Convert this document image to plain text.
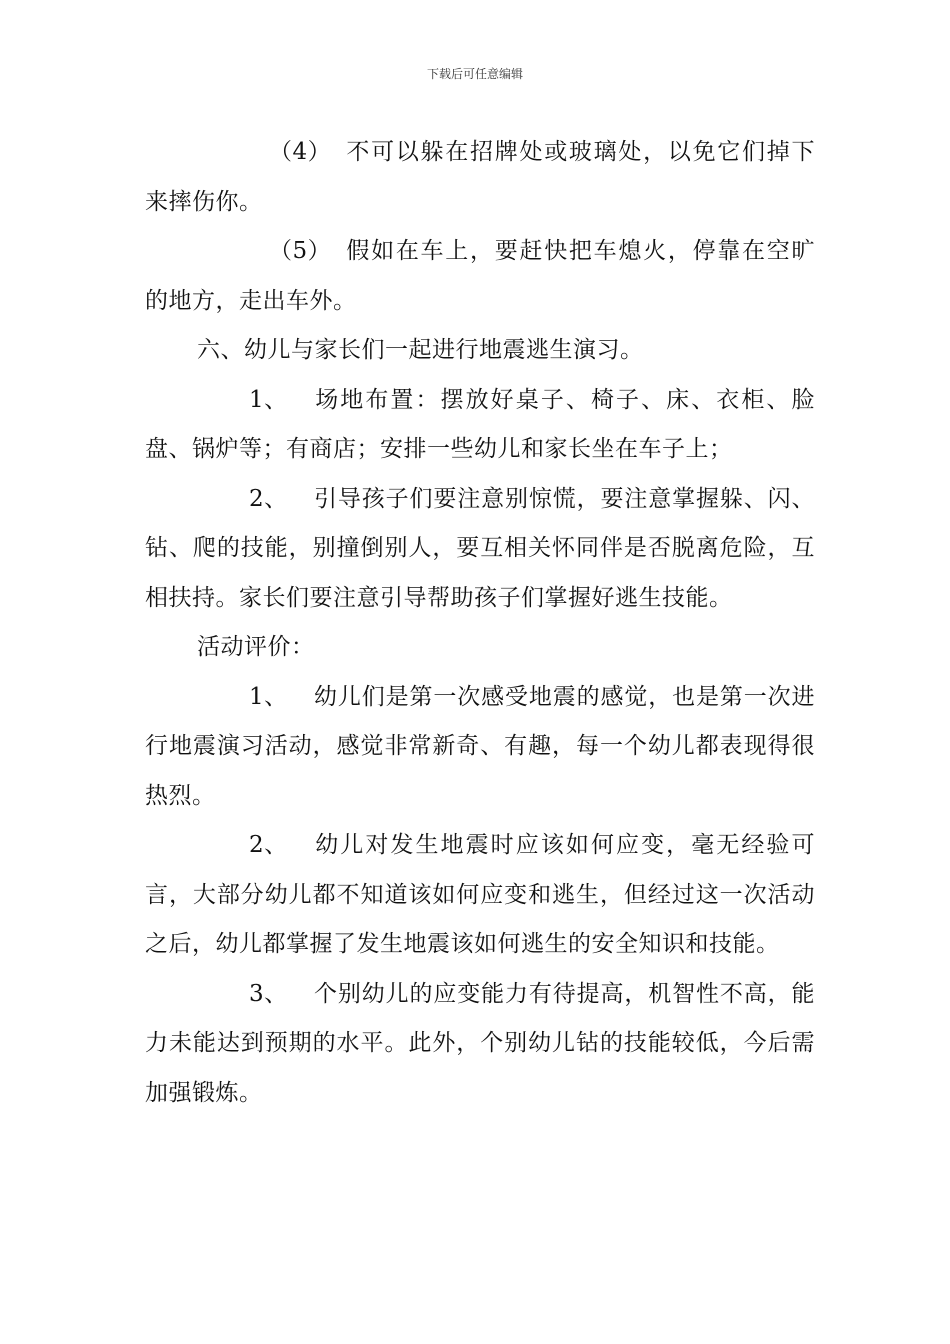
下载后可任意编辑

（4） 不可以躲在招牌处或玻璃处，以免它们掉下来摔伤你。

（5） 假如在车上，要赶快把车熄火，停靠在空旷的地方，走出车外。

六、幼儿与家长们一起进行地震逃生演习。

1、 场地布置：摆放好桌子、椅子、床、衣柜、脸盘、锅炉等；有商店；安排一些幼儿和家长坐在车子上；

2、 引导孩子们要注意别惊慌，要注意掌握躲、闪、钻、爬的技能，别撞倒别人，要互相关怀同伴是否脱离危险，互相扶持。家长们要注意引导帮助孩子们掌握好逃生技能。

活动评价：

1、 幼儿们是第一次感受地震的感觉，也是第一次进行地震演习活动，感觉非常新奇、有趣，每一个幼儿都表现得很热烈。

2、 幼儿对发生地震时应该如何应变，毫无经验可言，大部分幼儿都不知道该如何应变和逃生，但经过这一次活动之后，幼儿都掌握了发生地震该如何逃生的安全知识和技能。

3、 个别幼儿的应变能力有待提高，机智性不高，能力未能达到预期的水平。此外，个别幼儿钻的技能较低，今后需加强锻炼。
